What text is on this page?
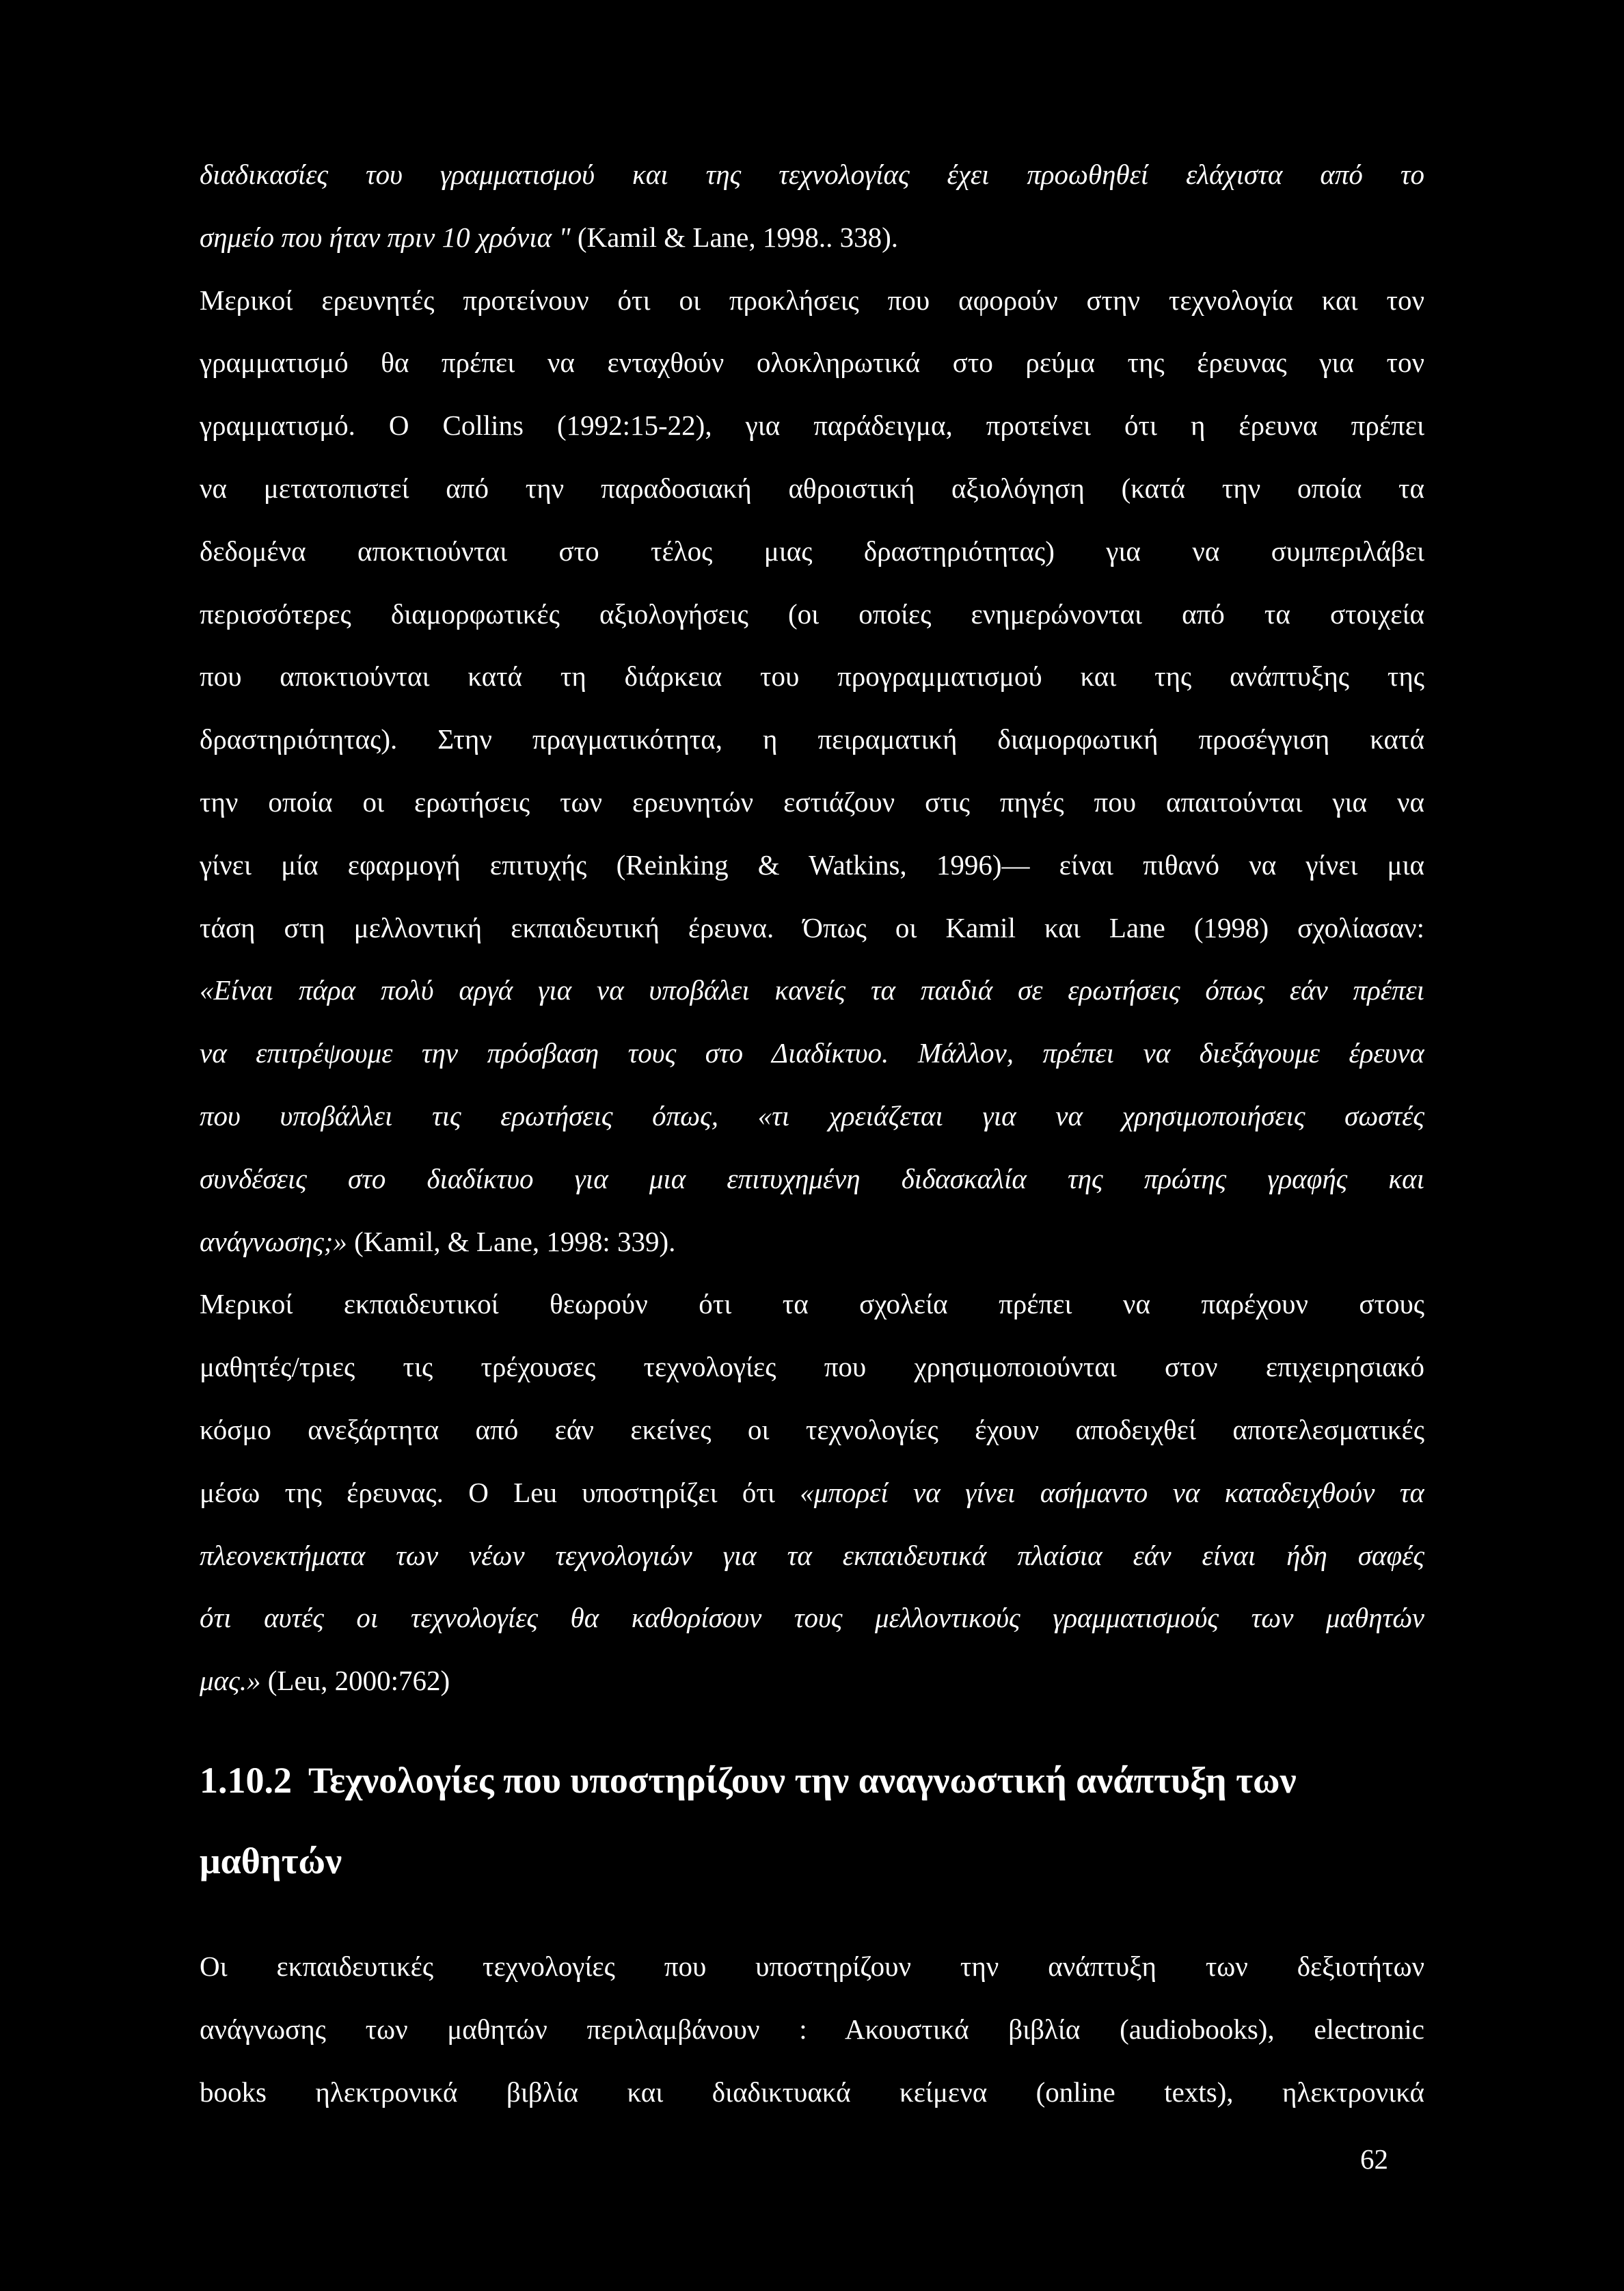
διαδικασίες του γραμματισμού και της τεχνολογίας έχει προωθηθεί ελάχιστα από το
σημείο που ήταν πριν 10 χρόνια " (Kamil & Lane, 1998.. 338).
Μερικοί ερευνητές προτείνουν ότι οι προκλήσεις που αφορούν στην τεχνολογία και τον
γραμματισμό θα πρέπει να ενταχθούν ολοκληρωτικά στο ρεύμα της έρευνας για τον
γραμματισμό. Ο Collins (1992:15-22), για παράδειγμα, προτείνει ότι η έρευνα πρέπει
να μετατοπιστεί από την παραδοσιακή αθροιστική αξιολόγηση (κατά την οποία τα
δεδομένα αποκτιούνται στο τέλος μιας δραστηριότητας) για να συμπεριλάβει
περισσότερες διαμορφωτικές αξιολογήσεις (οι οποίες ενημερώνονται από τα στοιχεία
που αποκτιούνται κατά τη διάρκεια του προγραμματισμού και της ανάπτυξης της
δραστηριότητας). Στην πραγματικότητα, η πειραματική διαμορφωτική προσέγγιση κατά
την οποία οι ερωτήσεις των ερευνητών εστιάζουν στις πηγές που απαιτούνται για να
γίνει μία εφαρμογή επιτυχής (Reinking & Watkins, 1996)— είναι πιθανό να γίνει μια
τάση στη μελλοντική εκπαιδευτική έρευνα. Όπως οι Kamil και Lane (1998) σχολίασαν:
«Είναι πάρα πολύ αργά για να υποβάλει κανείς τα παιδιά σε ερωτήσεις όπως εάν πρέπει
να επιτρέψουμε την πρόσβαση τους στο Διαδίκτυο. Μάλλον, πρέπει να διεξάγουμε έρευνα
που υποβάλλει τις ερωτήσεις όπως, «τι χρειάζεται για να χρησιμοποιήσεις σωστές
συνδέσεις στο διαδίκτυο για μια επιτυχημένη διδασκαλία της πρώτης γραφής και
ανάγνωσης;» (Kamil, & Lane, 1998: 339).
Μερικοί εκπαιδευτικοί θεωρούν ότι τα σχολεία πρέπει να παρέχουν στους
μαθητές/τριες τις τρέχουσες τεχνολογίες που χρησιμοποιούνται στον επιχειρησιακό
κόσμο ανεξάρτητα από εάν εκείνες οι τεχνολογίες έχουν αποδειχθεί αποτελεσματικές
μέσω της έρευνας. Ο Leu υποστηρίζει ότι «μπορεί να γίνει ασήμαντο να καταδειχθούν τα
πλεονεκτήματα των νέων τεχνολογιών για τα εκπαιδευτικά πλαίσια εάν είναι ήδη σαφές
ότι αυτές οι τεχνολογίες θα καθορίσουν τους μελλοντικούς γραμματισμούς των μαθητών
μας.» (Leu, 2000:762)
1.10.2 Τεχνολογίες που υποστηρίζουν την αναγνωστική ανάπτυξη των
μαθητών
Οι εκπαιδευτικές τεχνολογίες που υποστηρίζουν την ανάπτυξη των δεξιοτήτων
ανάγνωσης των μαθητών περιλαμβάνουν : Ακουστικά βιβλία (audiobooks), electronic
books ηλεκτρονικά βιβλία και διαδικτυακά κείμενα (online texts), ηλεκτρονικά
62
